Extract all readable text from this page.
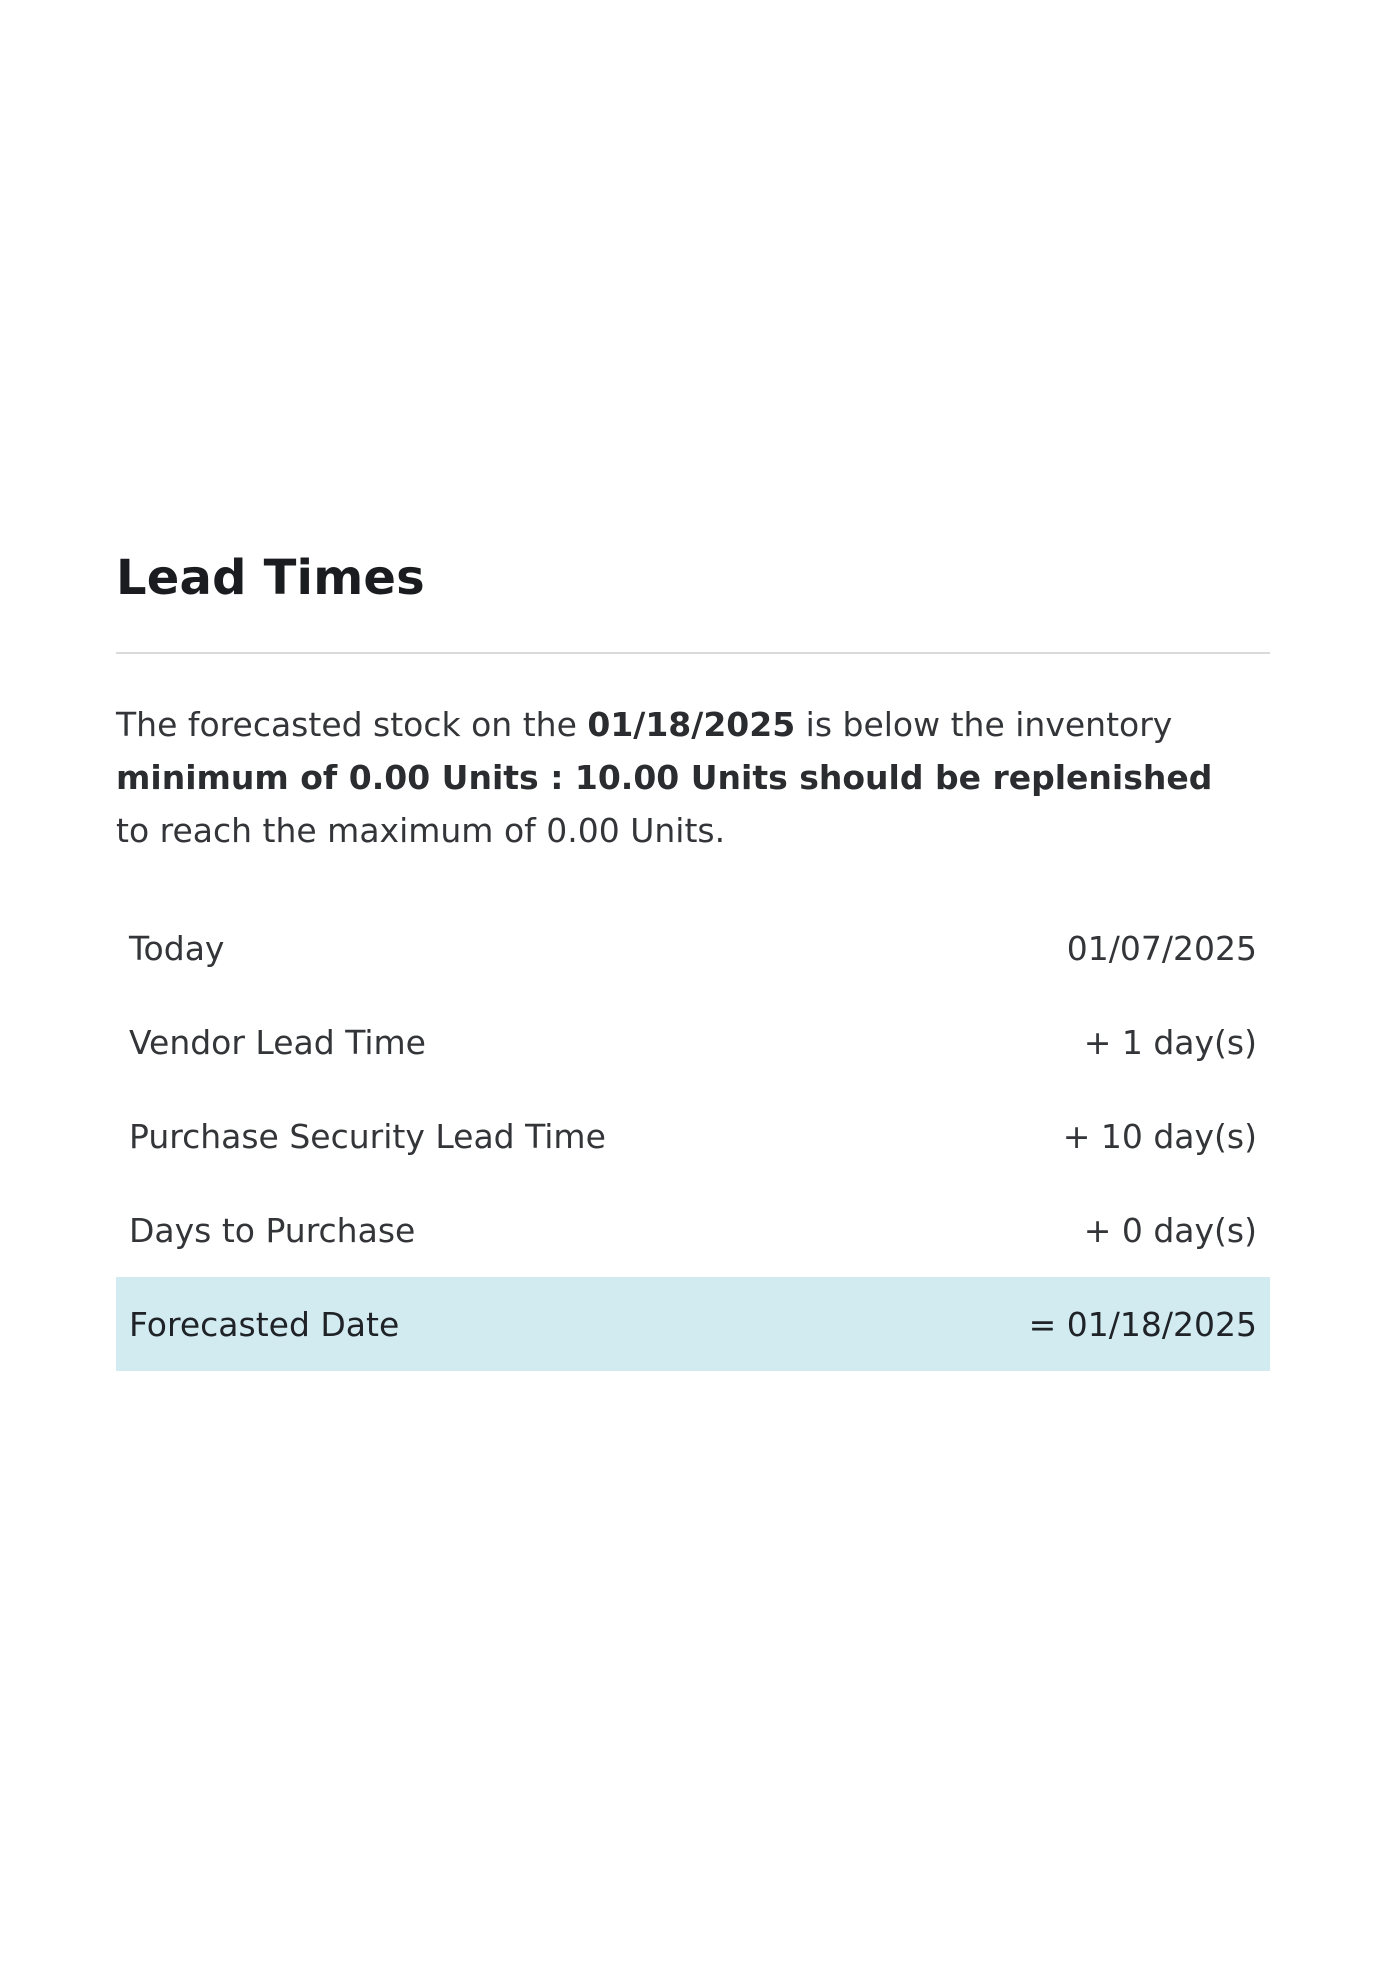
Lead Times
The forecasted stock on the 01/18/2025 is below the inventory minimum of 0.00 Units : 10.00 Units should be replenished to reach the maximum of 0.00 Units.
Today	01/07/2025
Vendor Lead Time	+ 1 day(s)
Purchase Security Lead Time	+ 10 day(s)
Days to Purchase	+ 0 day(s)
Forecasted Date	= 01/18/2025
